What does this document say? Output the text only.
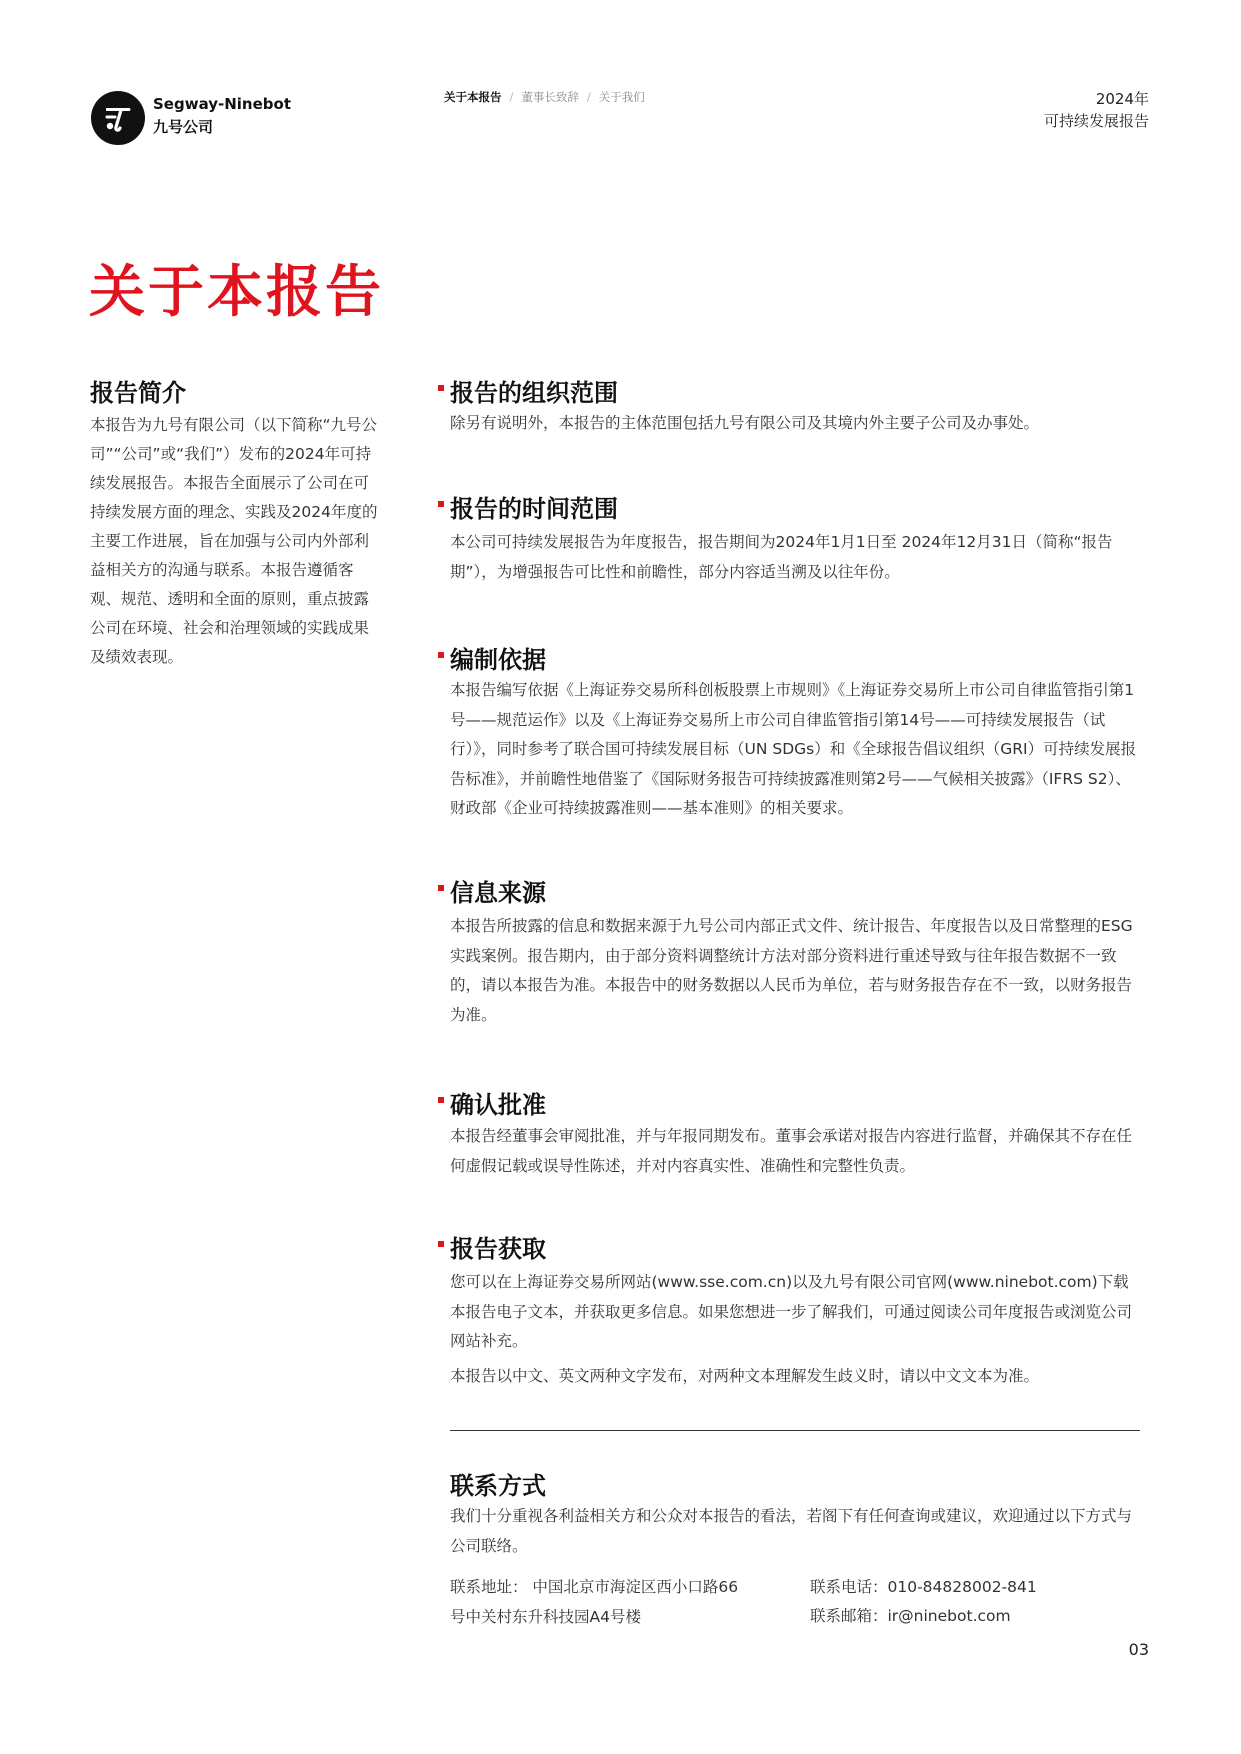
Segway-Ninebot
九号公司
关于本报告 / 董事长致辞 / 关于我们	2024年
可持续发展报告
关于本报告
报告简介
本报告为九号有限公司（以下简称“九号公司”“公司”或“我们”）发布的2024年可持续发展报告。本报告全面展示了公司在可持续发展方面的理念、实践及2024年度的主要工作进展，旨在加强与公司内外部利益相关方的沟通与联系。本报告遵循客观、规范、透明和全面的原则，重点披露公司在环境、社会和治理领域的实践成果及绩效表现。
报告的组织范围
除另有说明外，本报告的主体范围包括九号有限公司及其境内外主要子公司及办事处。
报告的时间范围
本公司可持续发展报告为年度报告，报告期间为2024年1月1日至 2024年12月31日（简称“报告期”），为增强报告可比性和前瞻性，部分内容适当溯及以往年份。
编制依据
本报告编写依据《上海证券交易所科创板股票上市规则》《上海证券交易所上市公司自律监管指引第1号——规范运作》以及《上海证券交易所上市公司自律监管指引第14号——可持续发展报告（试行）》，同时参考了联合国可持续发展目标（UN SDGs）和《全球报告倡议组织（GRI）可持续发展报告标准》，并前瞻性地借鉴了《国际财务报告可持续披露准则第2号——气候相关披露》（IFRS S2）、财政部《企业可持续披露准则——基本准则》的相关要求。
信息来源
本报告所披露的信息和数据来源于九号公司内部正式文件、统计报告、年度报告以及日常整理的ESG实践案例。报告期内，由于部分资料调整统计方法对部分资料进行重述导致与往年报告数据不一致的，请以本报告为准。本报告中的财务数据以人民币为单位，若与财务报告存在不一致，以财务报告为准。
确认批准
本报告经董事会审阅批准，并与年报同期发布。董事会承诺对报告内容进行监督，并确保其不存在任何虚假记载或误导性陈述，并对内容真实性、准确性和完整性负责。
报告获取
您可以在上海证券交易所网站(www.sse.com.cn)以及九号有限公司官网(www.ninebot.com)下载本报告电子文本，并获取更多信息。如果您想进一步了解我们，可通过阅读公司年度报告或浏览公司网站补充。
本报告以中文、英文两种文字发布，对两种文本理解发生歧义时，请以中文文本为准。
联系方式
我们十分重视各利益相关方和公众对本报告的看法，若阁下有任何查询或建议，欢迎通过以下方式与公司联络。
联系地址： 中国北京市海淀区西小口路66号中关村东升科技园A4号楼
联系电话：010-84828002-841
联系邮箱：ir@ninebot.com
03
